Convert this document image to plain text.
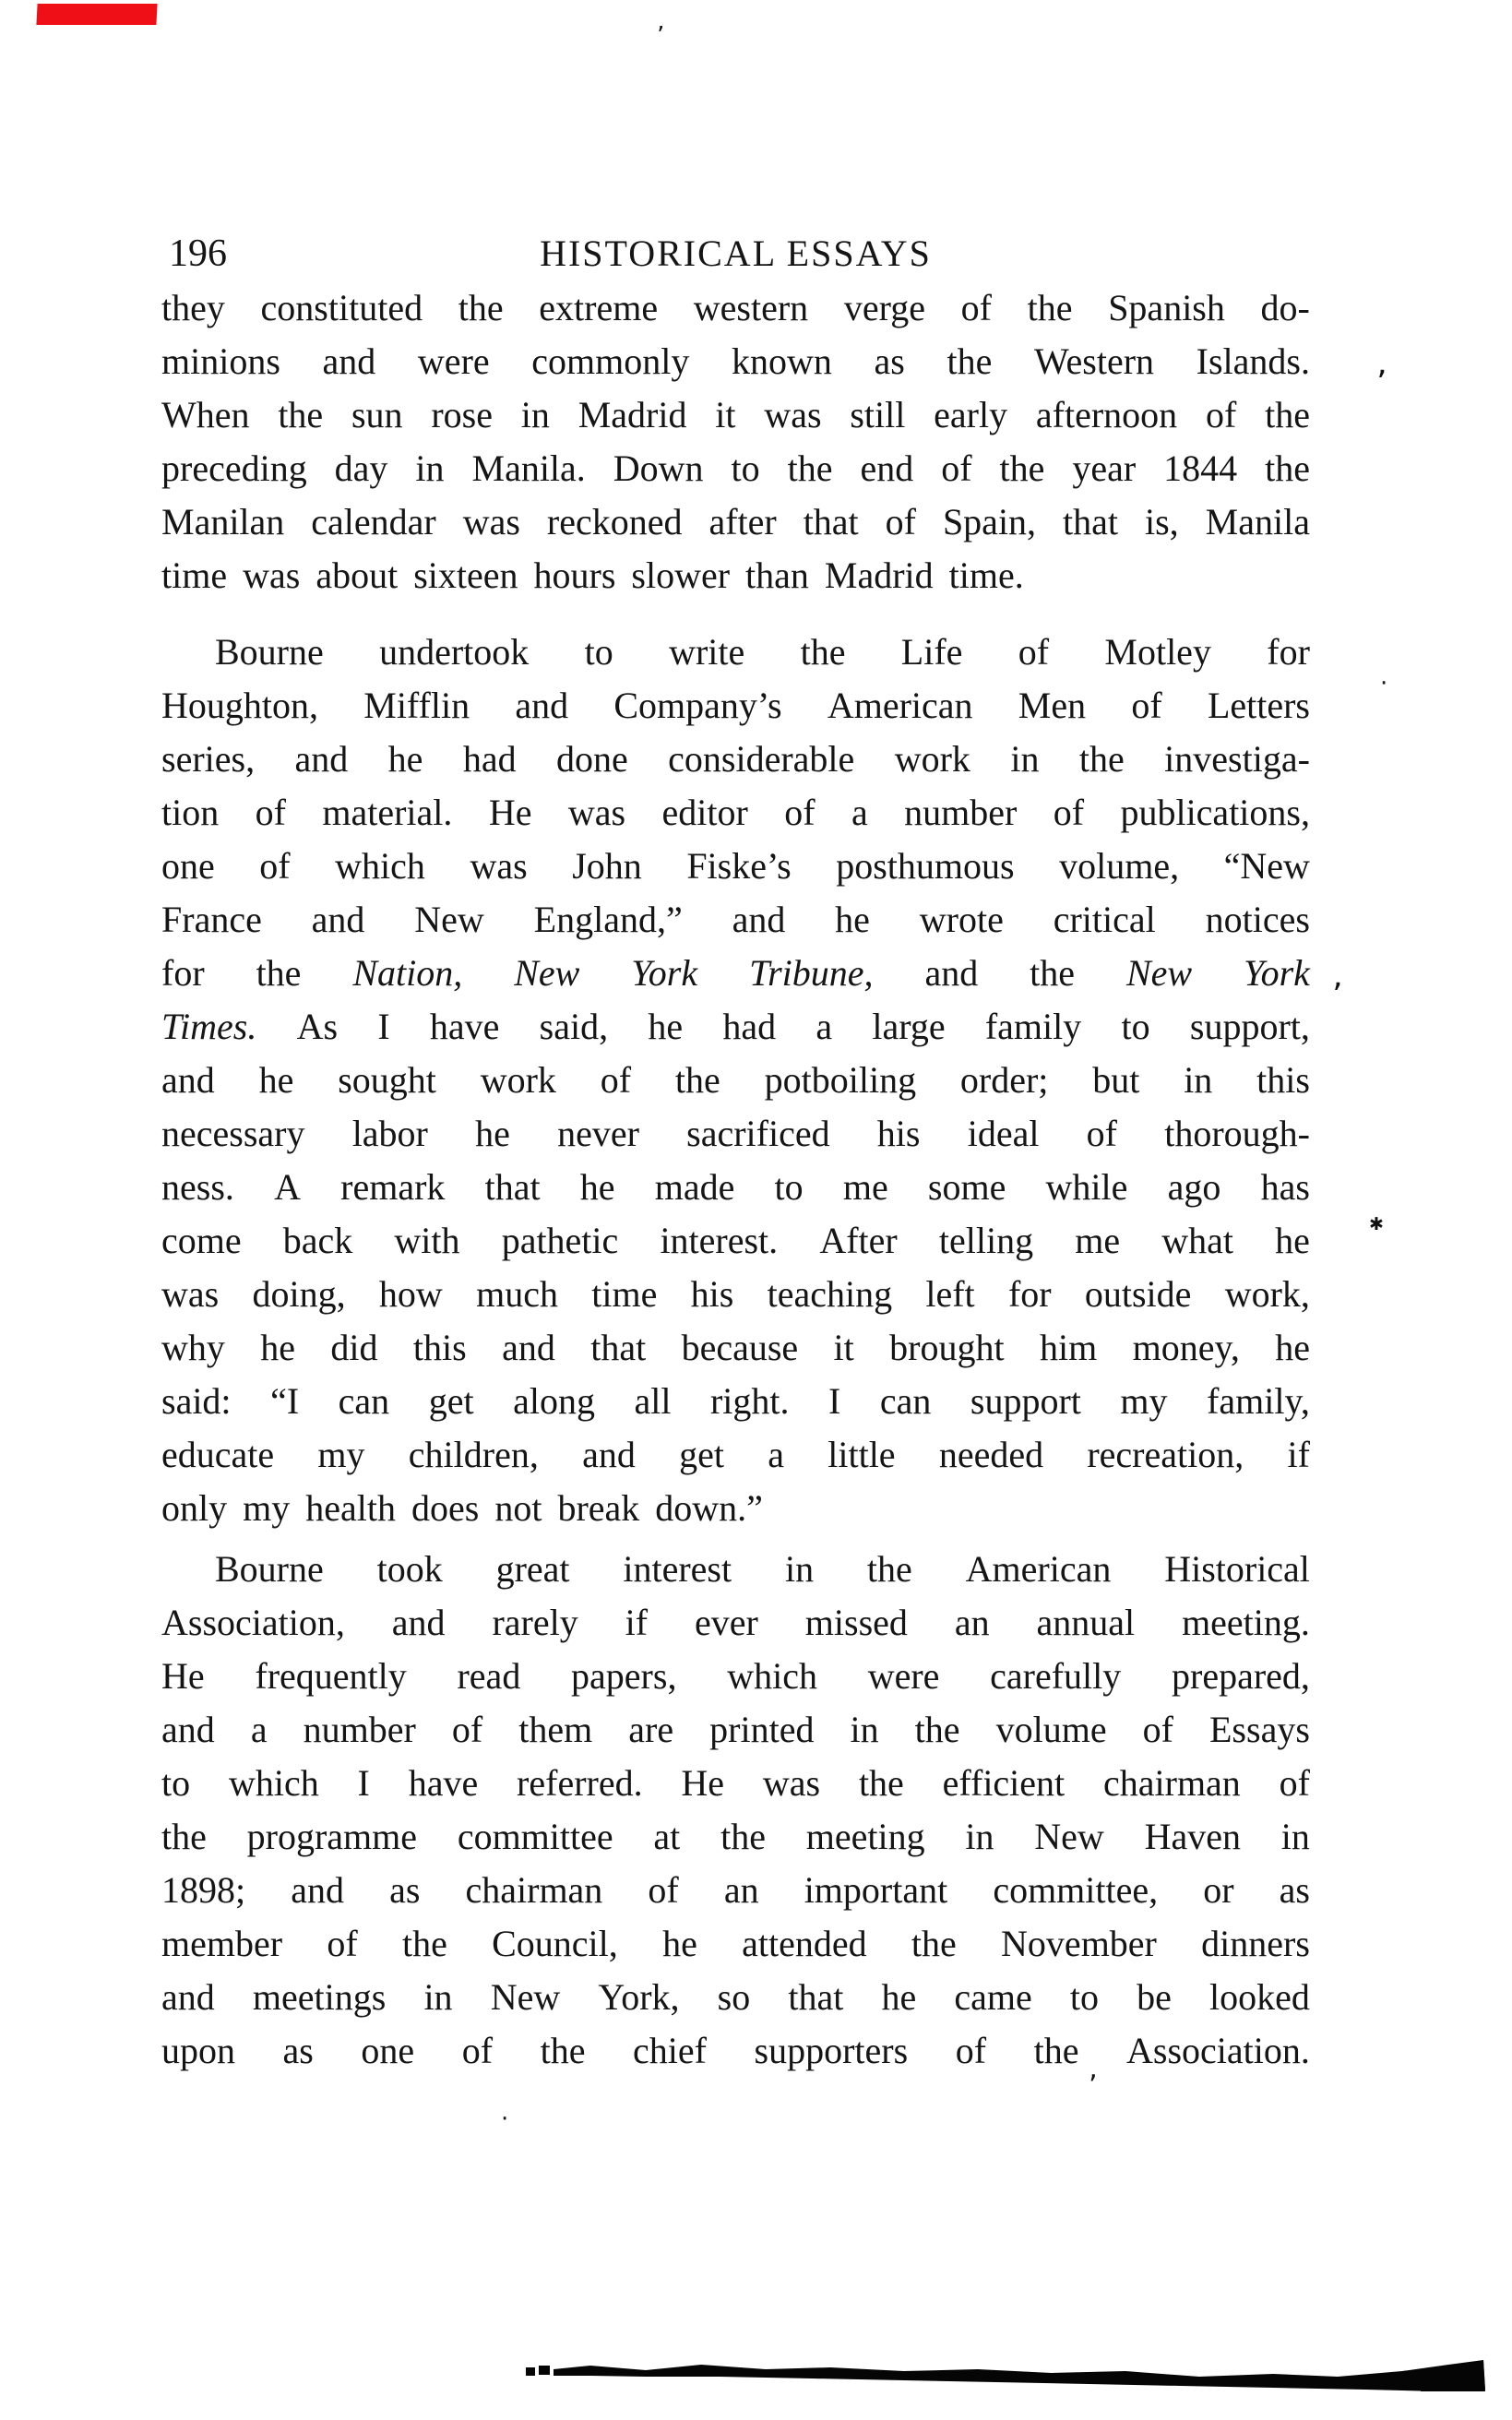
196	HISTORICAL ESSAYS
they constituted the extreme western verge of the Spanish do-
minions and were commonly known as the Western Islands.
When the sun rose in Madrid it was still early afternoon of the
preceding day in Manila. Down to the end of the year 1844 the
Manilan calendar was reckoned after that of Spain, that is, Manila
time was about sixteen hours slower than Madrid time.
Bourne undertook to write the Life of Motley for
Houghton, Mifflin and Company’s American Men of Letters
series, and he had done considerable work in the investiga-
tion of material. He was editor of a number of publications,
one of which was John Fiske’s posthumous volume, “New
France and New England,” and he wrote critical notices
for the Nation, New York Tribune, and the New York
Times. As I have said, he had a large family to support,
and he sought work of the potboiling order; but in this
necessary labor he never sacrificed his ideal of thorough-
ness. A remark that he made to me some while ago has
come back with pathetic interest. After telling me what he
was doing, how much time his teaching left for outside work,
why he did this and that because it brought him money, he
said: “I can get along all right. I can support my family,
educate my children, and get a little needed recreation, if
only my health does not break down.”
Bourne took great interest in the American Historical
Association, and rarely if ever missed an annual meeting.
He frequently read papers, which were carefully prepared,
and a number of them are printed in the volume of Essays
to which I have referred. He was the efficient chairman of
the programme committee at the meeting in New Haven in
1898; and as chairman of an important committee, or as
member of the Council, he attended the November dinners
and meetings in New York, so that he came to be looked
upon as one of the chief supporters of the Association.
’
’
’
✱
‚
·
·
